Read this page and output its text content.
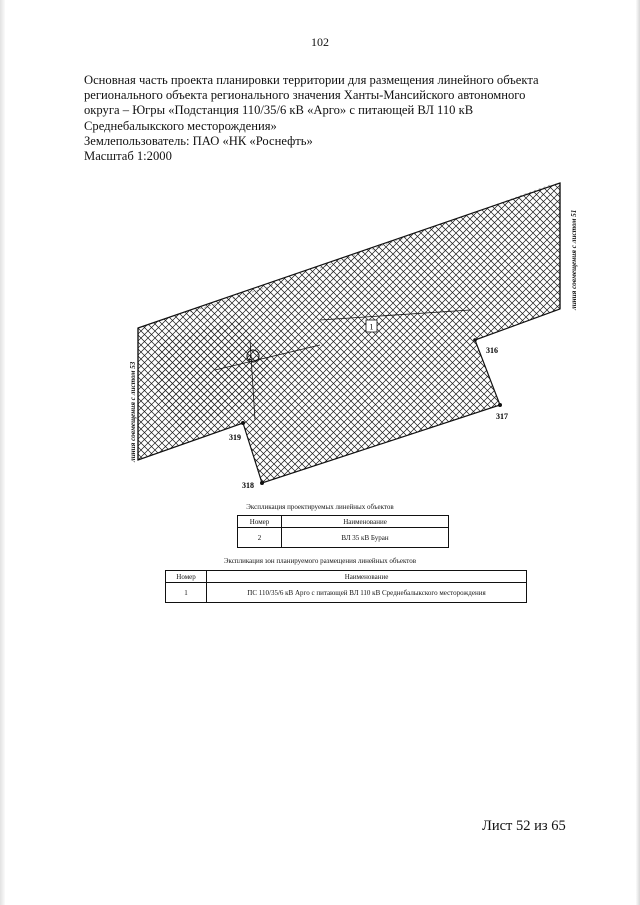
102
Основная часть проекта планировки территории для размещения линейного объекта
регионального объекта регионального значения Ханты-Мансийского автономного
округа – Югры «Подстанция 110/35/6 кВ «Арго» с питающей ВЛ 110 кВ
Среднебалыкского месторождения»
Землепользователь: ПАО «НК «Роснефть»
Масштаб 1:2000
1
2
316
317
318
319
линия совмещения с листом 53
линия совмещения с листом 51
Экспликация проектируемых линейных объектов
Номер	Наименование
2	ВЛ 35 кВ Буран
Экспликация зон планируемого размещения линейных объектов
Номер	Наименование
1	ПС 110/35/6 кВ Арго с питающей ВЛ 110 кВ Среднебалыкского месторождения
Лист 52 из 65
